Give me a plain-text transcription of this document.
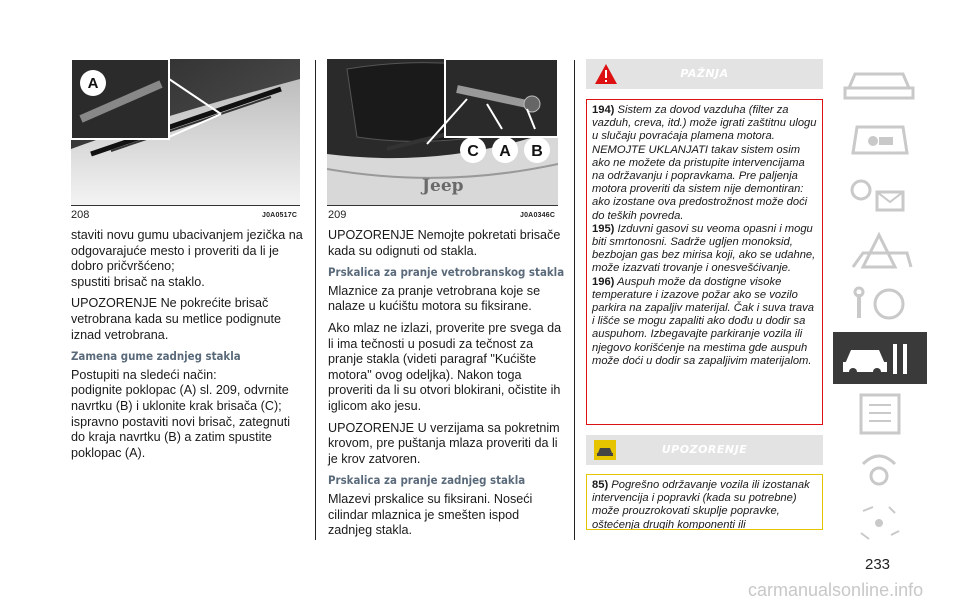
A
208	J0A0517C
Jeep
C A B
209	J0A0346C

staviti novu gumu ubacivanjem jezička na odgovarajuće mesto i proveriti da li je dobro pričvršćeno;
spustiti brisač na staklo.

UPOZORENJE Ne pokrećite brisač vetrobrana kada su metlice podignute iznad vetrobrana.

Zamena gume zadnjeg stakla

Postupiti na sledeći način:
podignite poklopac (A) sl. 209, odvrnite navrtku (B) i uklonite krak brisača (C);
ispravno postaviti novi brisač, zategnuti do kraja navrtku (B) a zatim spustite poklopac (A).

UPOZORENJE Nemojte pokretati brisače kada su odignuti od stakla.

Prskalica za pranje vetrobranskog stakla

Mlaznice za pranje vetrobrana koje se nalaze u kućištu motora su fiksirane.

Ako mlaz ne izlazi, proverite pre svega da li ima tečnosti u posudi za tečnost za pranje stakla (videti paragraf "Kućište motora" ovog odeljka). Nakon toga proveriti da li su otvori blokirani, očistite ih iglicom ako jesu.

UPOZORENJE U verzijama sa pokretnim krovom, pre puštanja mlaza proveriti da li je krov zatvoren.

Prskalica za pranje zadnjeg stakla

Mlazevi prskalice su fiksirani. Noseći cilindar mlaznica je smešten ispod zadnjeg stakla.

PAŽNJA
194) Sistem za dovod vazduha (filter za vazduh, creva, itd.) može igrati zaštitnu ulogu u slučaju povraćaja plamena motora. NEMOJTE UKLANJATI takav sistem osim ako ne možete da pristupite intervencijama na održavanju i popravkama. Pre paljenja motora proveriti da sistem nije demontiran: ako izostane ova predostrožnost može doći do teških povreda.
195) Izduvni gasovi su veoma opasni i mogu biti smrtonosni. Sadrže ugljen monoksid, bezbojan gas bez mirisa koji, ako se udahne, može izazvati trovanje i onesvešćivanje.
196) Auspuh može da dostigne visoke temperature i izazove požar ako se vozilo parkira na zapaljiv materijal. Čak i suva trava i lišće se mogu zapaliti ako dođu u dodir sa auspuhom. Izbegavajte parkiranje vozila ili njegovo korišćenje na mestima gde auspuh može doći u dodir sa zapaljivim materijalom.
UPOZORENJE
85) Pogrešno održavanje vozila ili izostanak intervencija i popravki (kada su potrebne) može prouzrokovati skuplje popravke, oštećenja drugih komponenti ili
233
carmanualsonline.info
